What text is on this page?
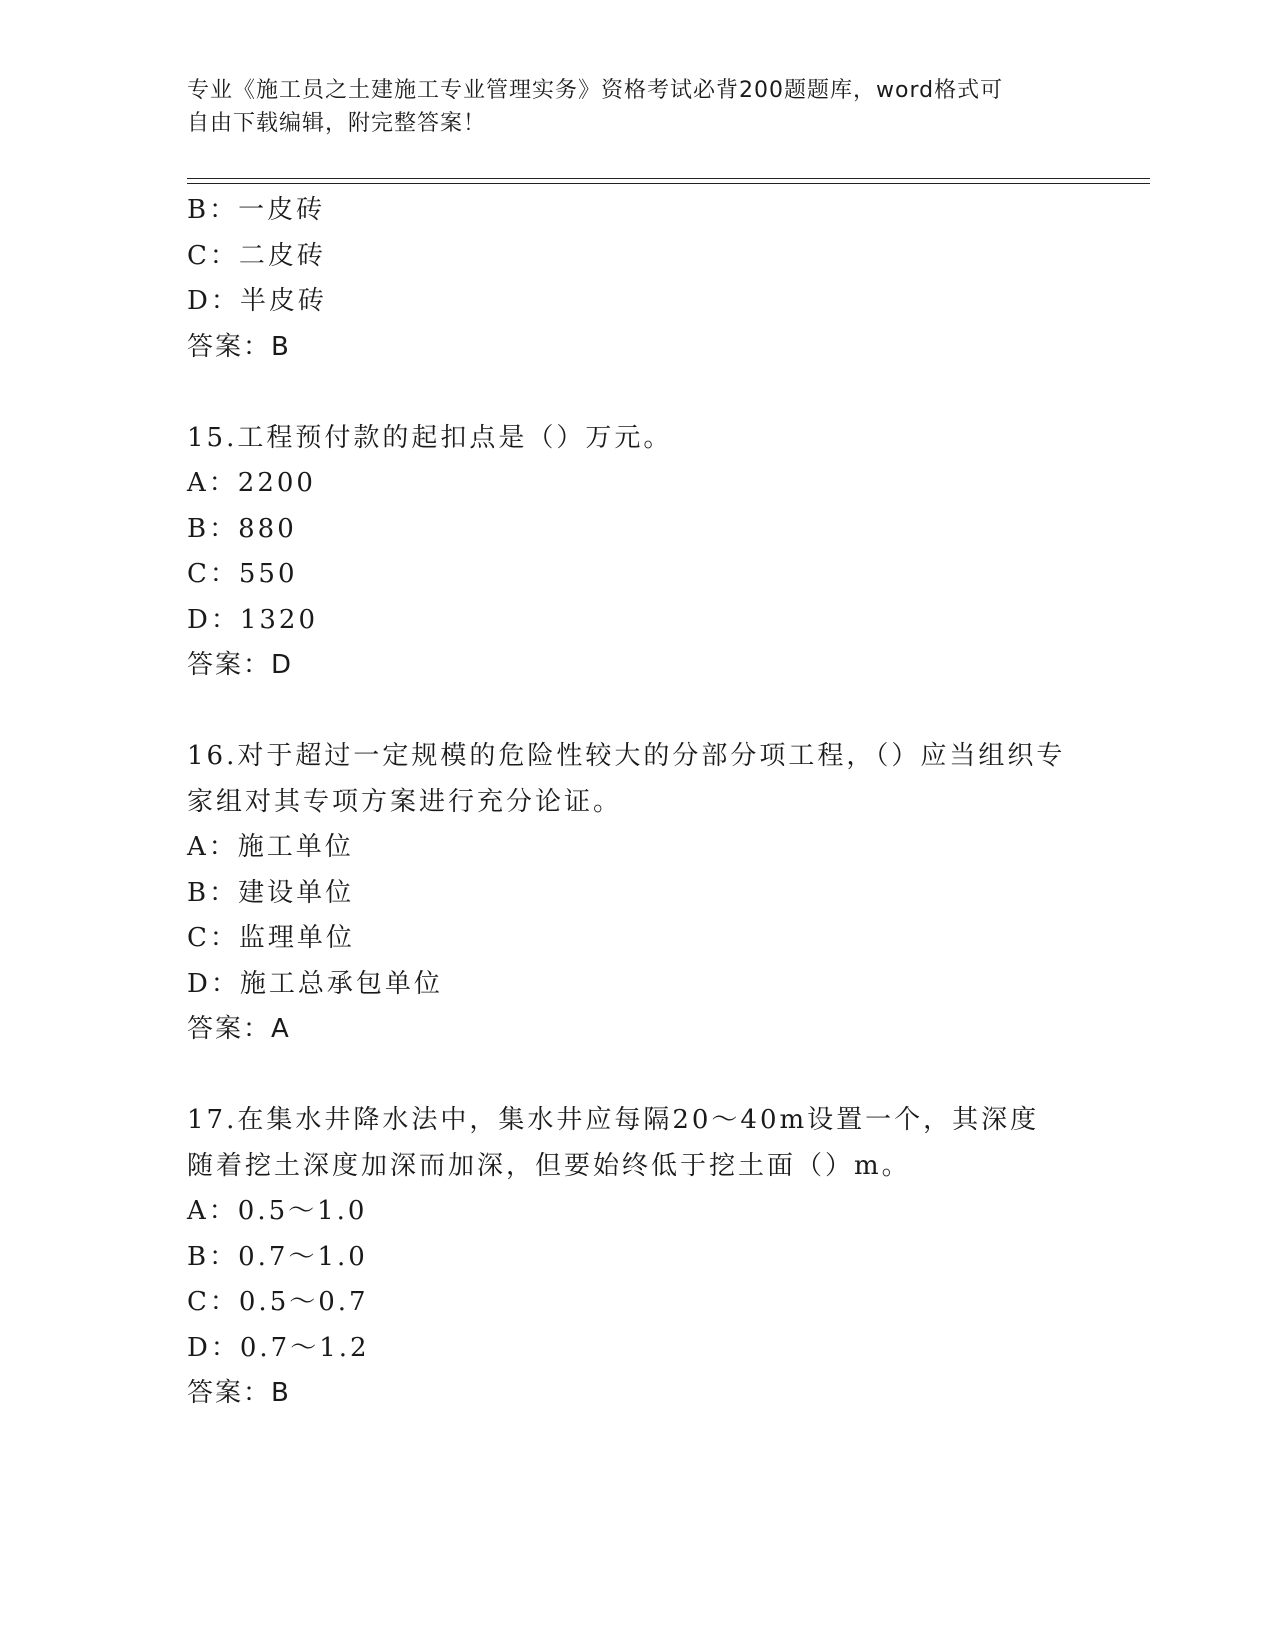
专业《施工员之土建施工专业管理实务》资格考试必背200题题库，word格式可
自由下载编辑，附完整答案！
B：一皮砖
C：二皮砖
D：半皮砖
答案：B
15.工程预付款的起扣点是（）万元。
A：2200
B：880
C：550
D：1320
答案：D
16.对于超过一定规模的危险性较大的分部分项工程，（）应当组织专家组对其专项方案进行充分论证。
A：施工单位
B：建设单位
C：监理单位
D：施工总承包单位
答案：A
17.在集水井降水法中，集水井应每隔20～40m设置一个，其深度随着挖土深度加深而加深，但要始终低于挖土面（）m。
A：0.5～1.0
B：0.7～1.0
C：0.5～0.7
D：0.7～1.2
答案：B
